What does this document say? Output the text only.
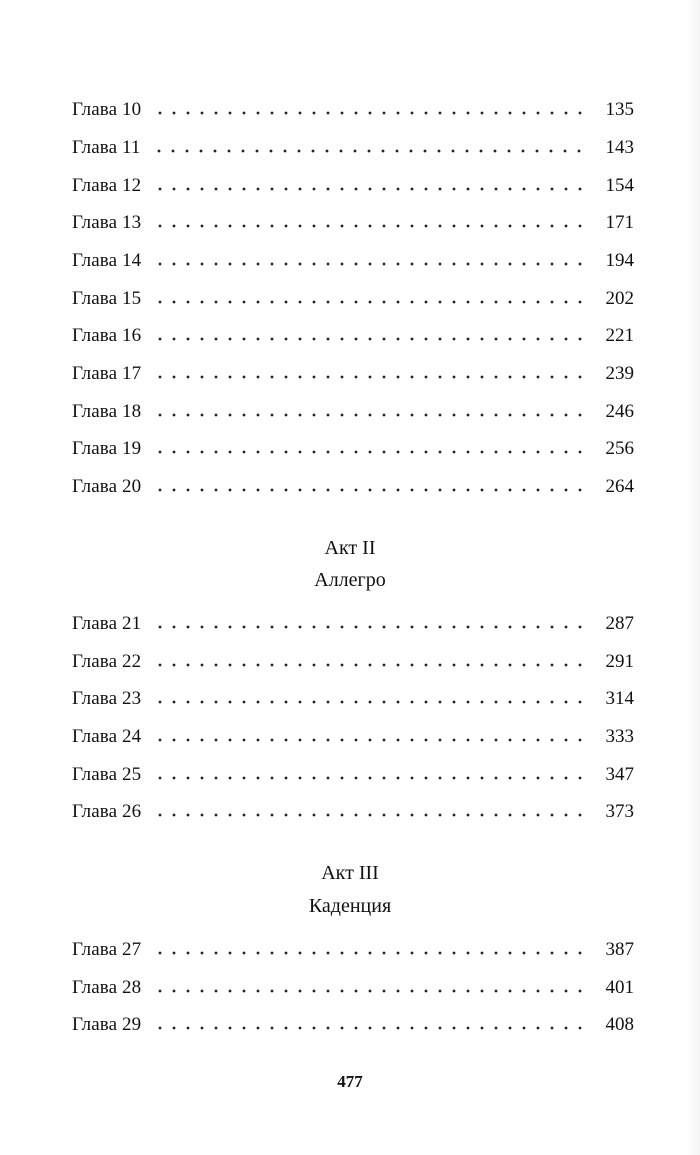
Глава 10	135
Глава 11	143
Глава 12	154
Глава 13	171
Глава 14	194
Глава 15	202
Глава 16	221
Глава 17	239
Глава 18	246
Глава 19	256
Глава 20	264
Акт II
Аллегро
Глава 21	287
Глава 22	291
Глава 23	314
Глава 24	333
Глава 25	347
Глава 26	373
Акт III
Каденция
Глава 27	387
Глава 28	401
Глава 29	408
477
